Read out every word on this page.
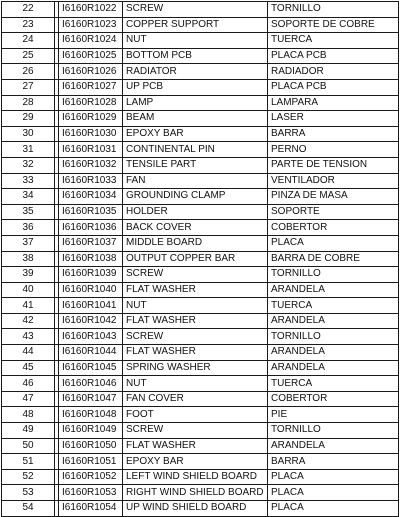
22		I6160R1022	SCREW	TORNILLO
23		I6160R1023	COPPER SUPPORT	SOPORTE DE COBRE
24		I6160R1024	NUT	TUERCA
25		I6160R1025	BOTTOM PCB	PLACA PCB
26		I6160R1026	RADIATOR	RADIADOR
27		I6160R1027	UP PCB	PLACA PCB
28		I6160R1028	LAMP	LAMPARA
29		I6160R1029	BEAM	LASER
30		I6160R1030	EPOXY BAR	BARRA
31		I6160R1031	CONTINENTAL PIN	PERNO
32		I6160R1032	TENSILE PART	PARTE DE TENSION
33		I6160R1033	FAN	VENTILADOR
34		I6160R1034	GROUNDING CLAMP	PINZA DE MASA
35		I6160R1035	HOLDER	SOPORTE
36		I6160R1036	BACK COVER	COBERTOR
37		I6160R1037	MIDDLE BOARD	PLACA
38		I6160R1038	OUTPUT COPPER BAR	BARRA DE COBRE
39		I6160R1039	SCREW	TORNILLO
40		I6160R1040	FLAT WASHER	ARANDELA
41		I6160R1041	NUT	TUERCA
42		I6160R1042	FLAT WASHER	ARANDELA
43		I6160R1043	SCREW	TORNILLO
44		I6160R1044	FLAT WASHER	ARANDELA
45		I6160R1045	SPRING WASHER	ARANDELA
46		I6160R1046	NUT	TUERCA
47		I6160R1047	FAN COVER	COBERTOR
48		I6160R1048	FOOT	PIE
49		I6160R1049	SCREW	TORNILLO
50		I6160R1050	FLAT WASHER	ARANDELA
51		I6160R1051	EPOXY BAR	BARRA
52		I6160R1052	LEFT WIND SHIELD BOARD	PLACA
53		I6160R1053	RIGHT WIND SHIELD BOARD	PLACA
54		I6160R1054	UP WIND SHIELD BOARD	PLACA
